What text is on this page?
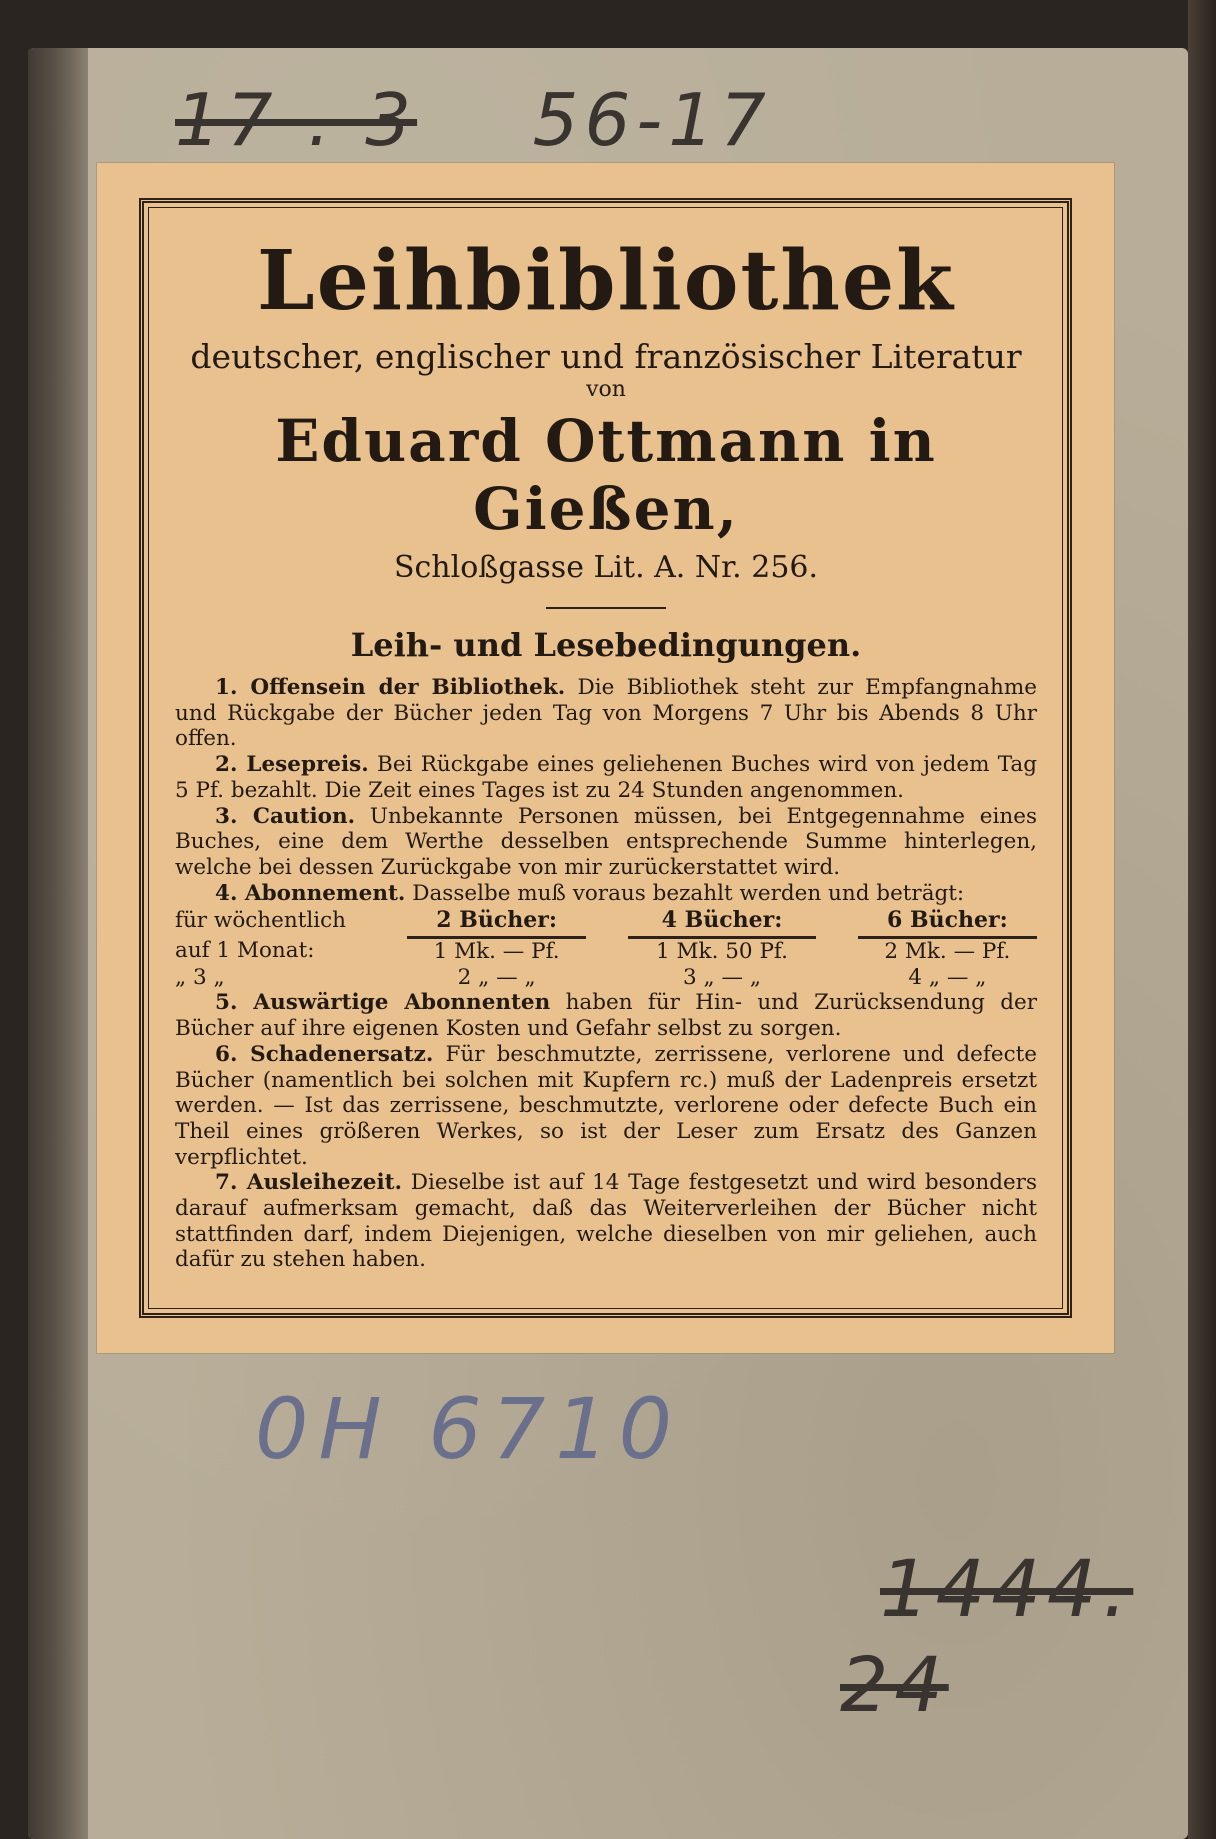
17 . 3 56-17
Leihbibliothek
deutscher, englischer und französischer Literatur
von
Eduard Ottmann in Gießen,
Schloßgasse Lit. A. Nr. 256.
Leih- und Lesebedingungen.

1. Offensein der Bibliothek. Die Bibliothek steht zur Empfangnahme und Rückgabe der Bücher jeden Tag von Morgens 7 Uhr bis Abends 8 Uhr offen.

2. Lesepreis. Bei Rückgabe eines geliehenen Buches wird von jedem Tag 5 Pf. bezahlt. Die Zeit eines Tages ist zu 24 Stunden angenommen.

3. Caution. Unbekannte Personen müssen, bei Entgegennahme eines Buches, eine dem Werthe desselben entsprechende Summe hinterlegen, welche bei dessen Zurückgabe von mir zurückerstattet wird.

4. Abonnement. Dasselbe muß voraus bezahlt werden und beträgt:

für wöchentlich	2 Bücher:		4 Bücher:		6 Bücher:
auf 1 Monat:	1 Mk. — Pf.		1 Mk. 50 Pf.		2 Mk. — Pf.
„ 3 „	2 „ — „		3 „ — „		4 „ — „

5. Auswärtige Abonnenten haben für Hin- und Zurücksendung der Bücher auf ihre eigenen Kosten und Gefahr selbst zu sorgen.

6. Schadenersatz. Für beschmutzte, zerrissene, verlorene und defecte Bücher (namentlich bei solchen mit Kupfern rc.) muß der Ladenpreis ersetzt werden. — Ist das zerrissene, beschmutzte, verlorene oder defecte Buch ein Theil eines größeren Werkes, so ist der Leser zum Ersatz des Ganzen verpflichtet.

7. Ausleihezeit. Dieselbe ist auf 14 Tage festgesetzt und wird besonders darauf aufmerksam gemacht, daß das Weiterverleihen der Bücher nicht stattfinden darf, indem Diejenigen, welche dieselben von mir geliehen, auch dafür zu stehen haben.

0H 6710
1444.
24
